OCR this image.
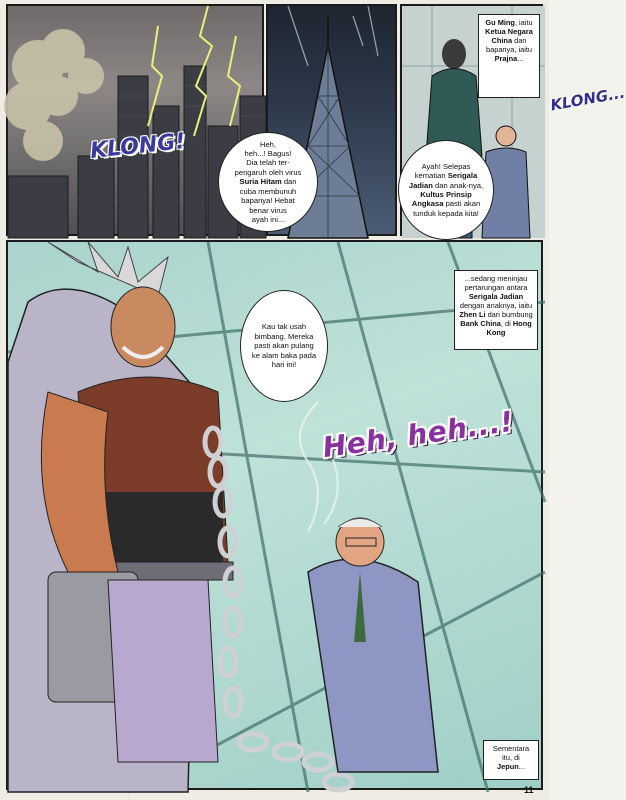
KLONG!
KLONG...
Heh, heh...!
Heh,
heh...! Bagus!
Dia telah ter-
pengaruh oleh virus
Suria Hitam dan
cuba membunuh
bapanya! Hebat
benar virus
ayah ini...
Gu Ming, iaitu Ketua Negara China dan bapanya, iaitu Prajna...
Ayah! Selepas kematian Serigala Jadian dan anak-nya, Kultus Prinsip Angkasa pasti akan tunduk kepada kita!
...sedang meninjau pertarungan antara Serigala Jadian dengan anaknya, iaitu Zhen Li dari bumbung Bank China, di Hong Kong
Kau tak usah bimbang. Mereka pasti akan pulang ke alam baka pada hari ini!
Sementara itu, di Jepun...
11
